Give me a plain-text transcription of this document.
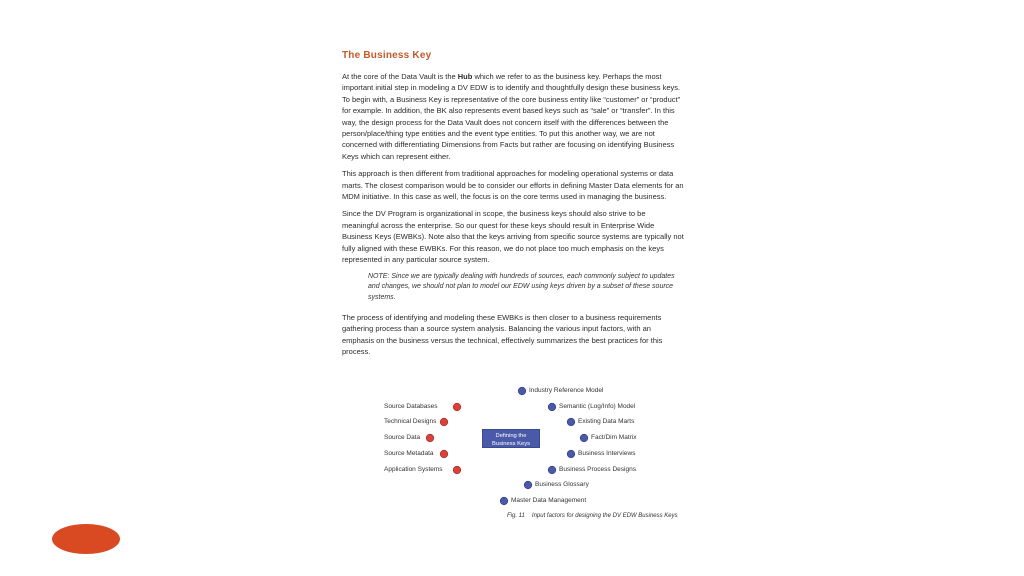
The Business Key

At the core of the Data Vault is the Hub which we refer to as the business key. Perhaps the most important initial step in modeling a DV EDW is to identify and thoughtfully design these business keys. To begin with, a Business Key is representative of the core business entity like “customer” or “product” for example. In addition, the BK also represents event based keys such as “sale” or “transfer”. In this way, the design process for the Data Vault does not concern itself with the differences between the person/place/thing type entities and the event type entities. To put this another way, we are not concerned with differentiating Dimensions from Facts but rather are focusing on identifying Business Keys which can represent either.

This approach is then different from traditional approaches for modeling operational systems or data marts. The closest comparison would be to consider our efforts in defining Master Data elements for an MDM initiative. In this case as well, the focus is on the core terms used in managing the business.

Since the DV Program is organizational in scope, the business keys should also strive to be meaningful across the enterprise. So our quest for these keys should result in Enterprise Wide Business Keys (EWBKs). Note also that the keys arriving from specific source systems are typically not fully aligned with these EWBKs. For this reason, we do not place too much emphasis on the keys represented in any particular source system.

NOTE: Since we are typically dealing with hundreds of sources, each commonly subject to updates and changes, we should not plan to model our EDW using keys driven by a subset of these source systems.

The process of identifying and modeling these EWBKs is then closer to a business requirements gathering process than a source system analysis. Balancing the various input factors, with an emphasis on the business versus the technical, effectively summarizes the best practices for this process.

Source Databases
Technical Designs
Source Data
Source Metadata
Application Systems
Defining the
Business Keys
Industry Reference Model
Semantic (Log/Info) Model
Existing Data Marts
Fact/Dim Matrix
Business Interviews
Business Process Designs
Business Glossary
Master Data Management
Fig. 11 Input factors for designing the DV EDW Business Keys
